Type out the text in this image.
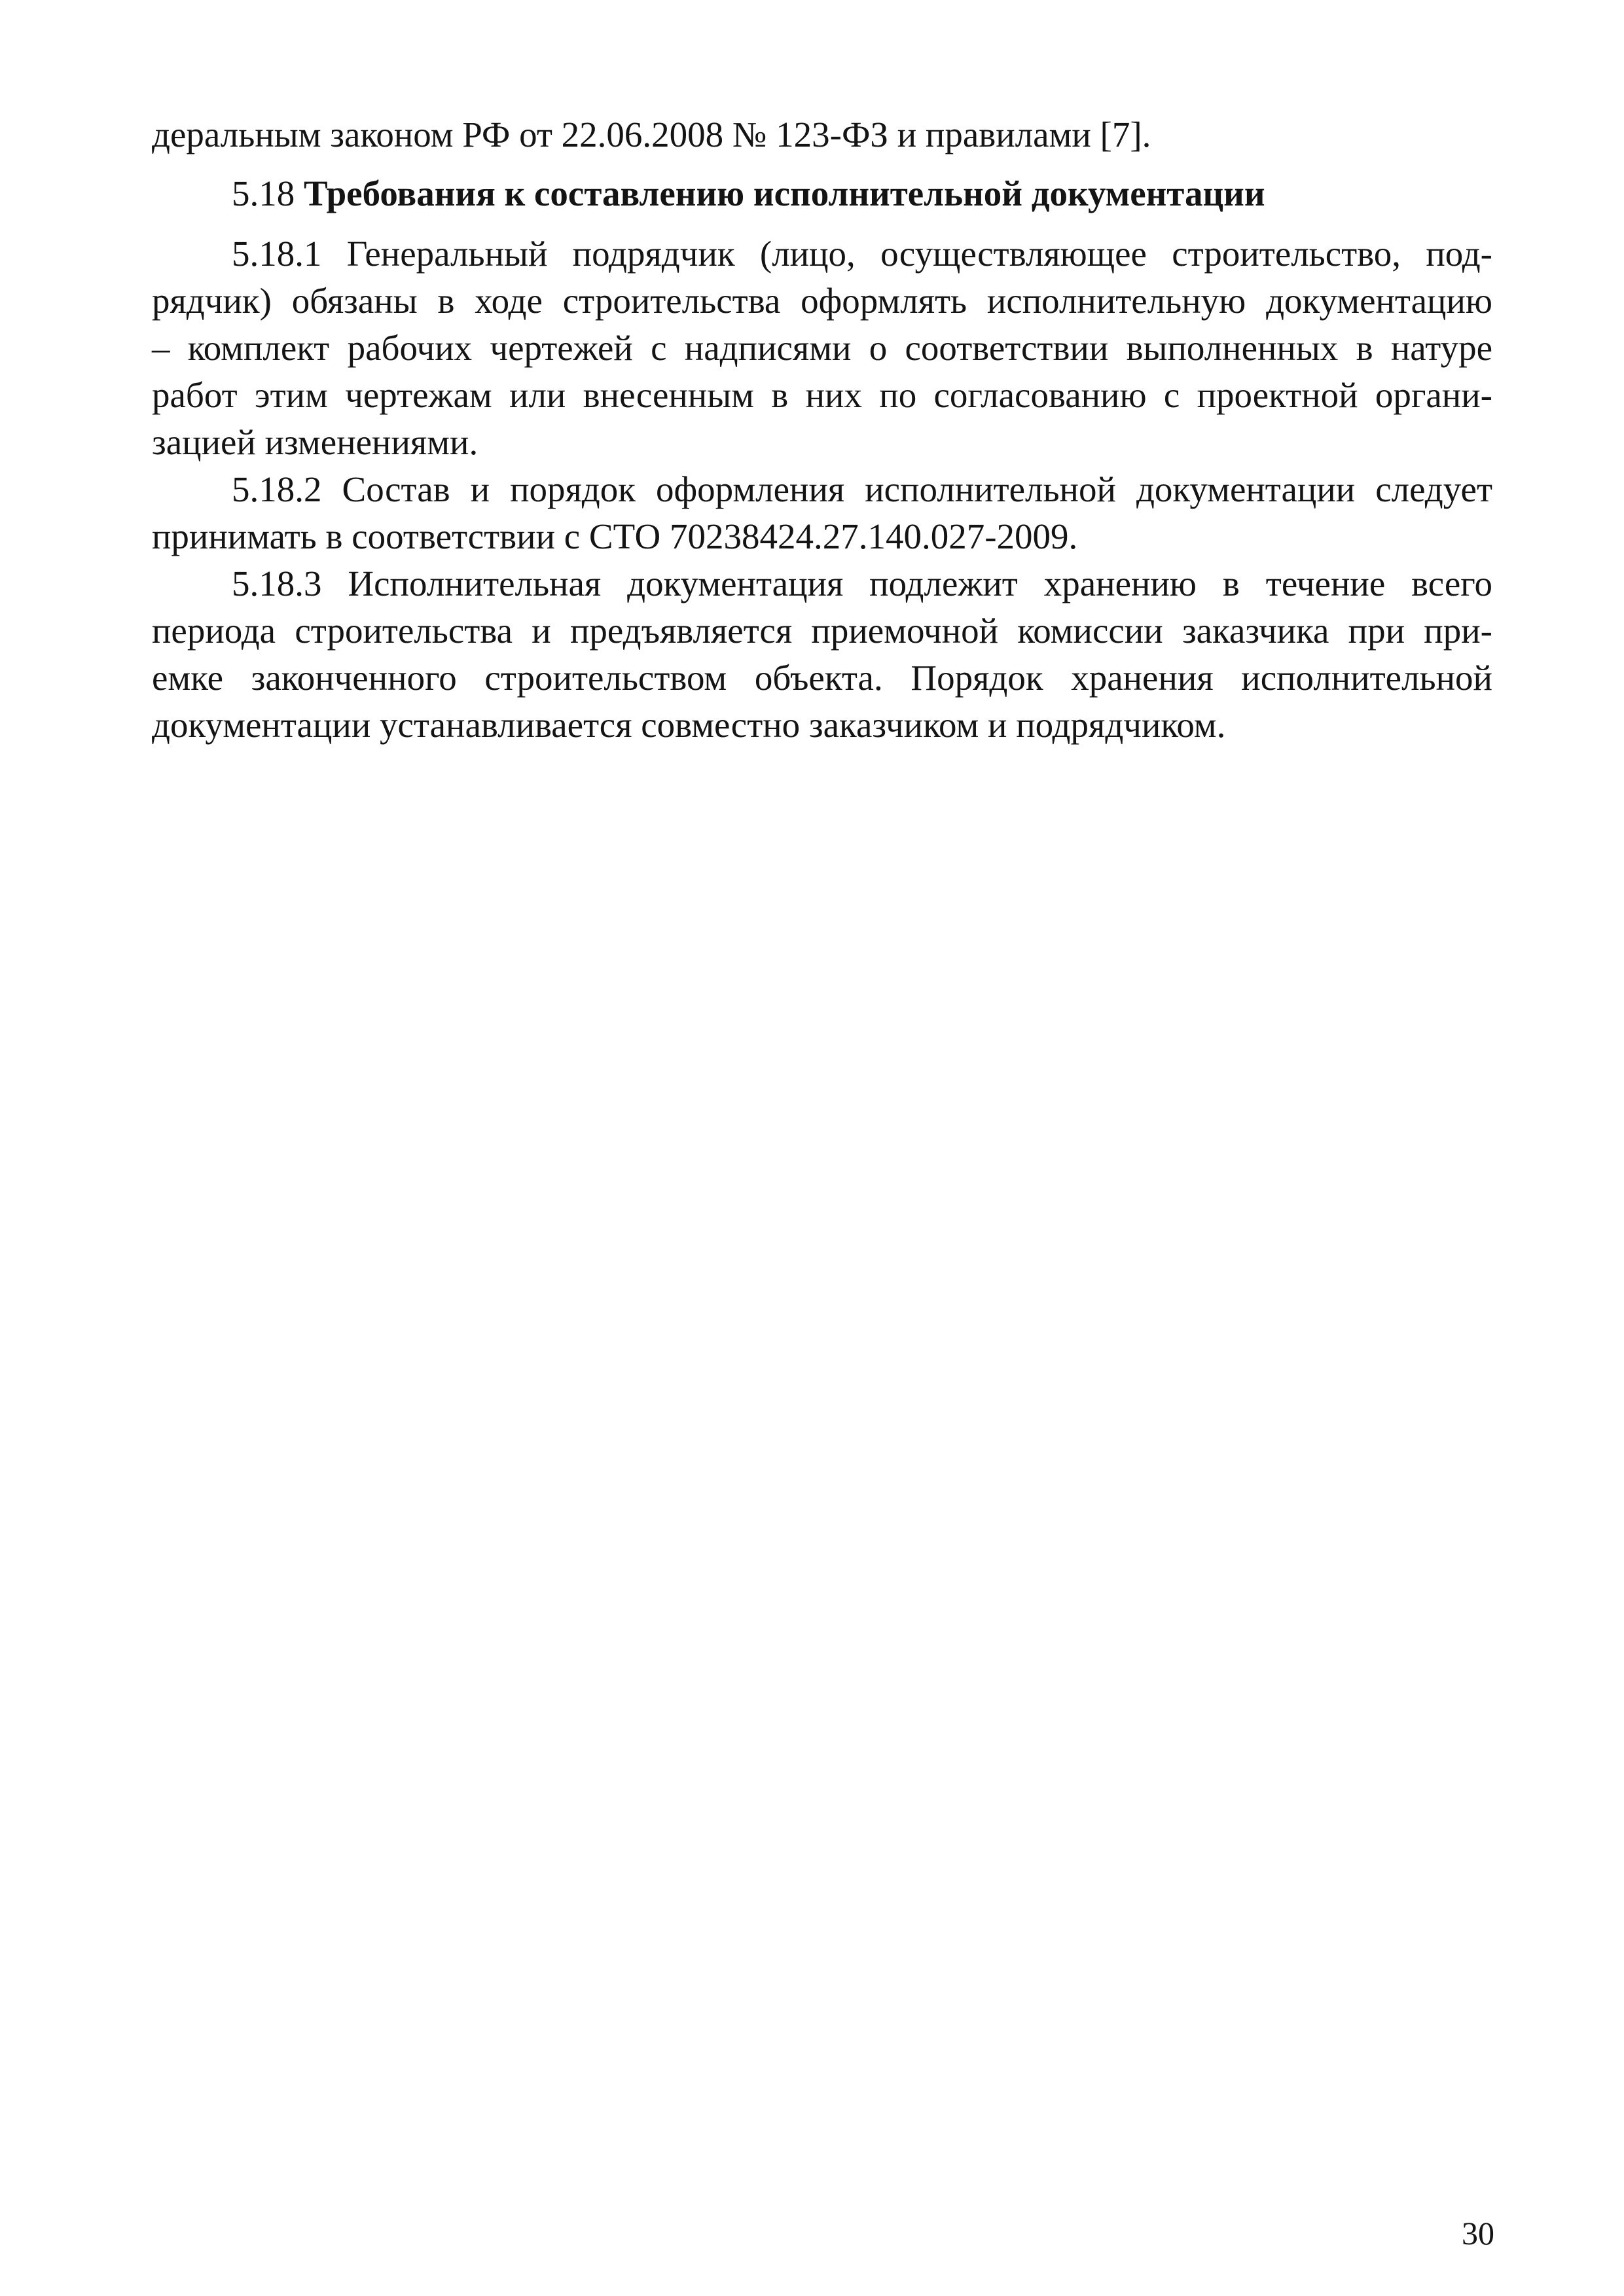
деральным законом РФ от 22.06.2008 № 123-ФЗ и правилами [7].

5.18 Требования к составлению исполнительной документации

5.18.1 Генеральный подрядчик (лицо, осуществляющее строительство, под-

рядчик) обязаны в ходе строительства оформлять исполнительную документацию

– комплект рабочих чертежей с надписями о соответствии выполненных в натуре

работ этим чертежам или внесенным в них по согласованию с проектной органи-

зацией изменениями.

5.18.2 Состав и порядок оформления исполнительной документации следует

принимать в соответствии с СТО 70238424.27.140.027-2009.

5.18.3 Исполнительная документация подлежит хранению в течение всего

периода строительства и предъявляется приемочной комиссии заказчика при при-

емке законченного строительством объекта. Порядок хранения исполнительной

документации устанавливается совместно заказчиком и подрядчиком.

30
